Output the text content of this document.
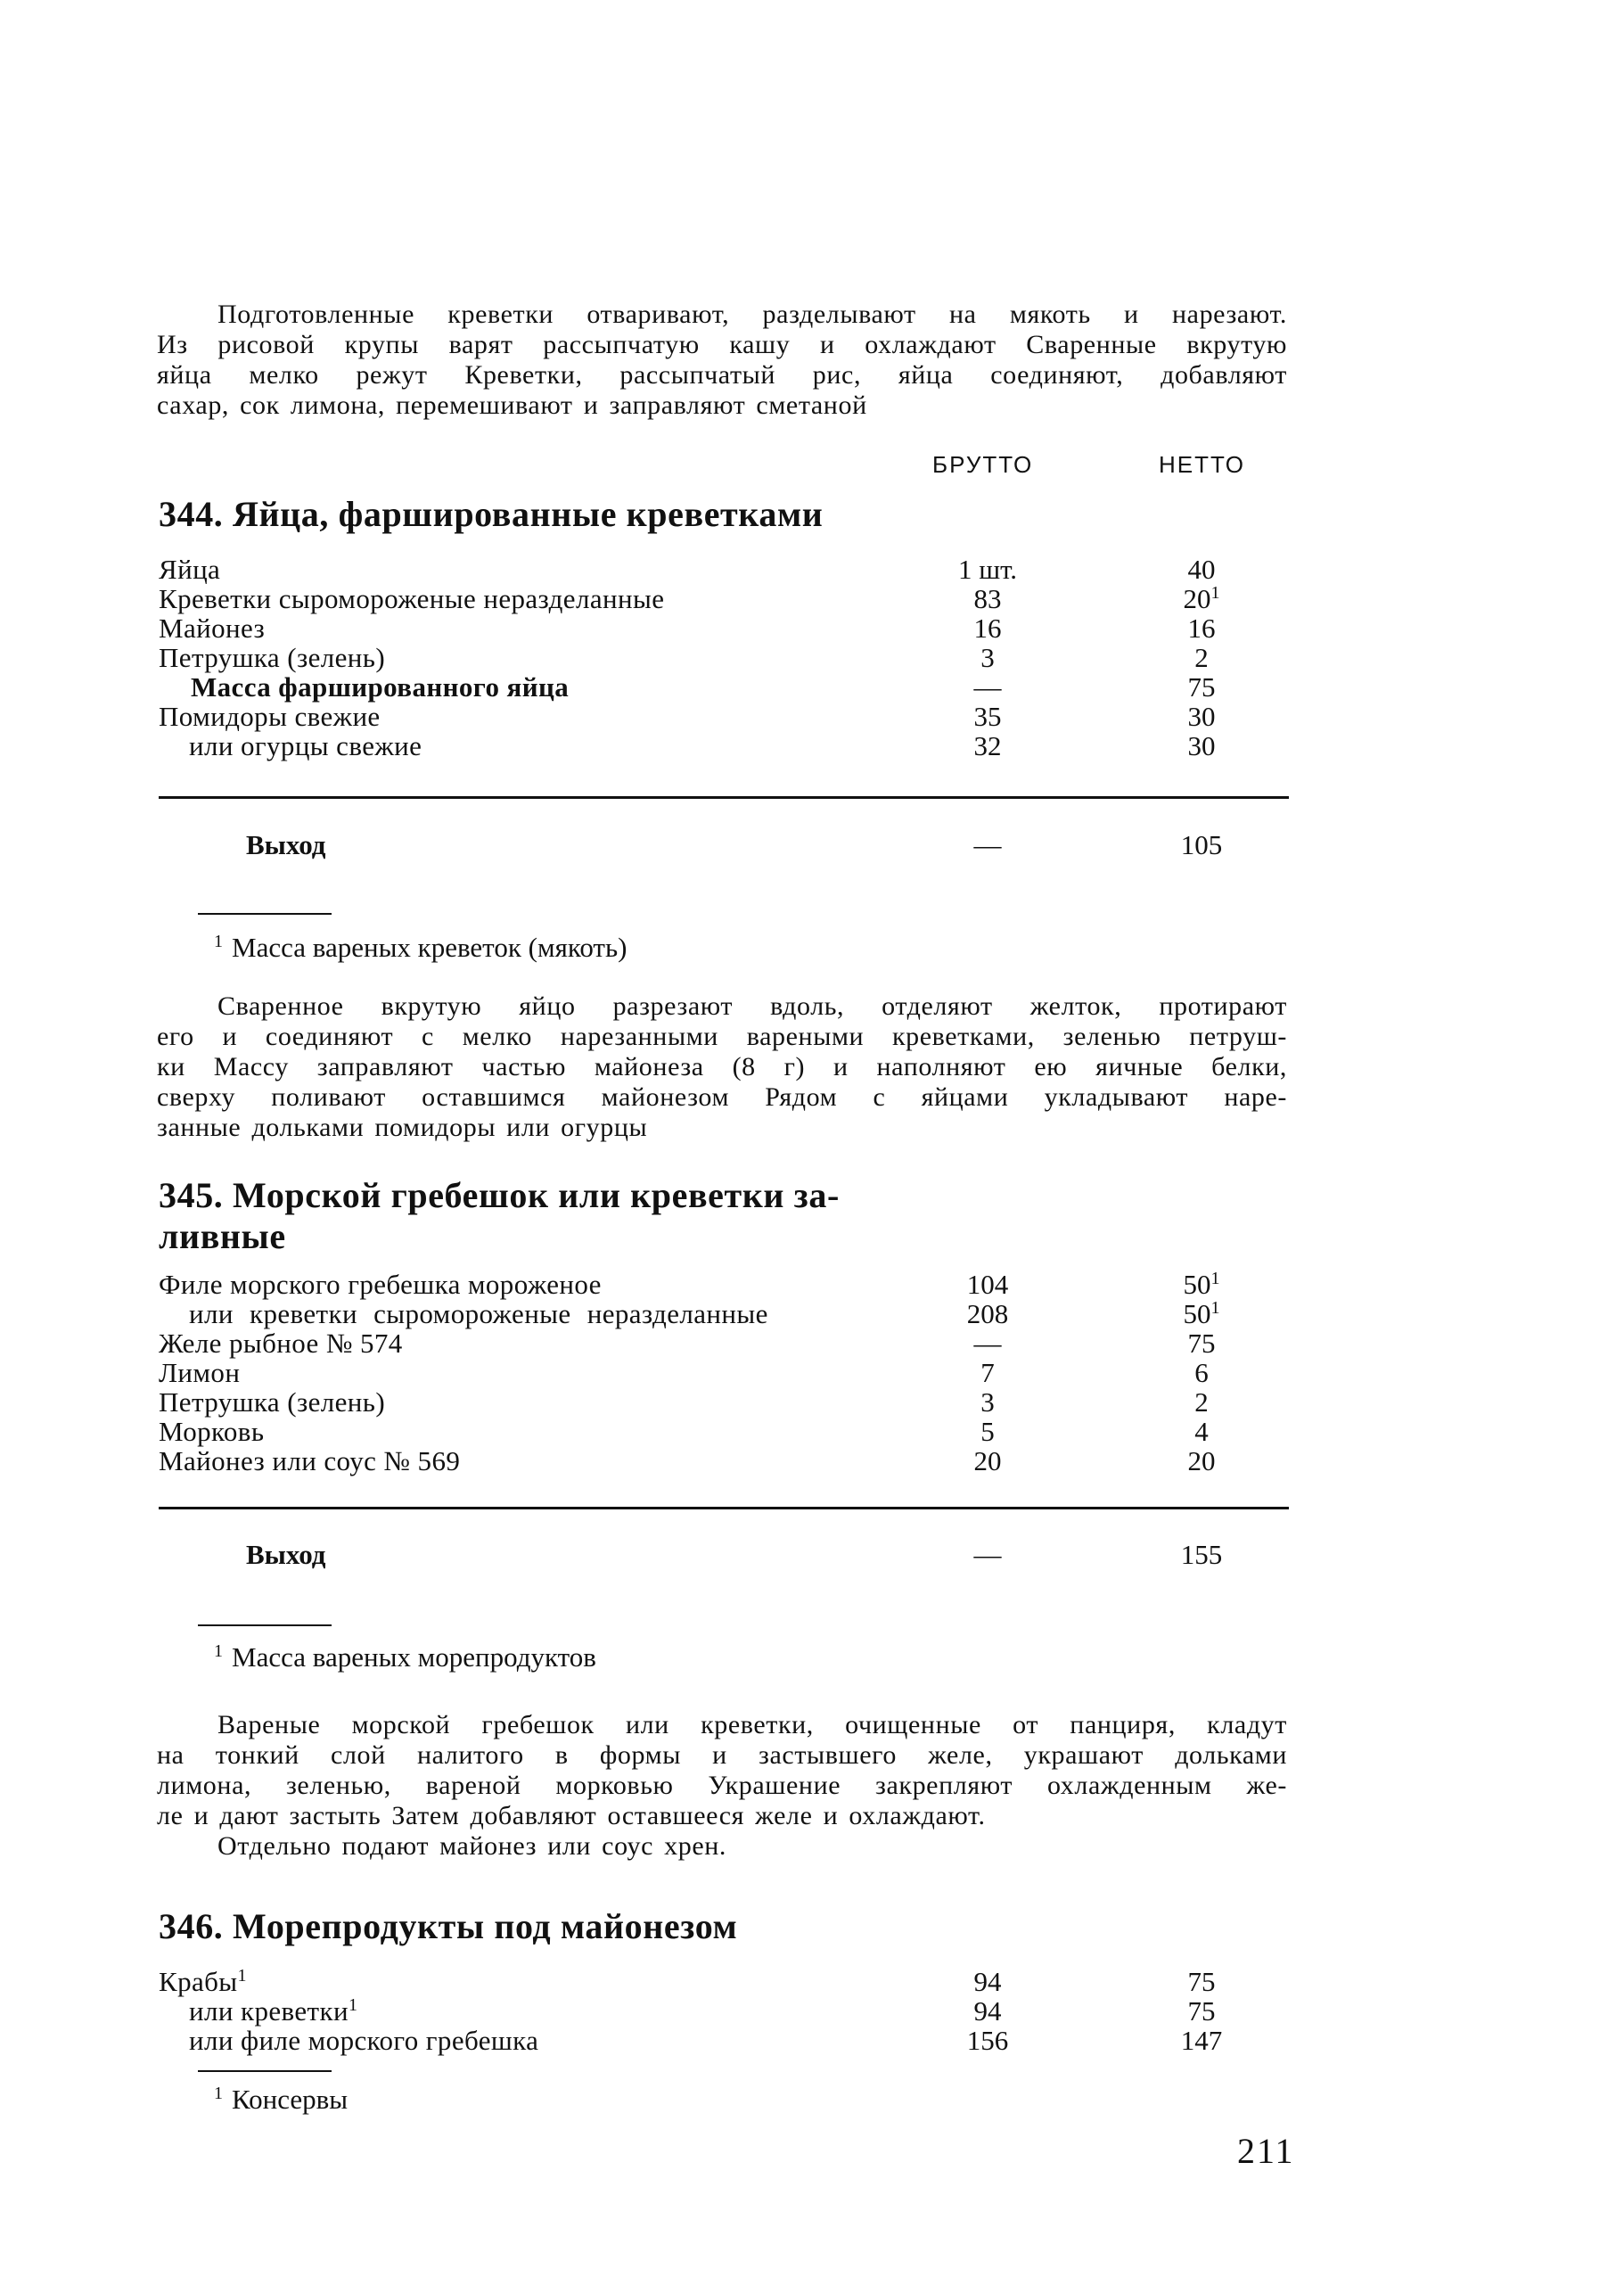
Подготовленные креветки отваривают, разделывают на мякоть и нарезают.
Из рисовой крупы варят рассыпчатую кашу и охлаждают Сваренные вкрутую
яйца мелко режут Креветки, рассыпчатый рис, яйца соединяют, добавляют
сахар, сок лимона, перемешивают и заправляют сметаной
БРУТТО	НЕТТО
344. Яйца, фаршированные креветками
Яйца	1 шт.	40
Креветки сыромороженые неразделанные	83	$20^1$
Майонез	16	16
Петрушка (зелень)	3	2
Масса фаршированного яйца	—	75
Помидоры свежие	35	30
или огурцы свежие	32	30
Выход	—	105
$^1$ Масса вареных креветок (мякоть)
Сваренное вкрутую яйцо разрезают вдоль, отделяют желток, протирают
его и соединяют с мелко нарезанными вареными креветками, зеленью петруш-
ки Массу заправляют частью майонеза (8 г) и наполняют ею яичные белки,
сверху поливают оставшимся майонезом Рядом с яйцами укладывают наре-
занные дольками помидоры или огурцы
345. Морской гребешок или креветки за-
ливные
Филе морского гребешка мороженое	104	$50^1$
или креветки сыромороженые неразделанные	208	$50^1$
Желе рыбное № 574	—	75
Лимон	7	6
Петрушка (зелень)	3	2
Морковь	5	4
Майонез или соус № 569	20	20
Выход	—	155
$^1$ Масса вареных морепродуктов
Вареные морской гребешок или креветки, очищенные от панциря, кладут
на тонкий слой налитого в формы и застывшего желе, украшают дольками
лимона, зеленью, вареной морковью Украшение закрепляют охлажденным же-
ле и дают застыть Затем добавляют оставшееся желе и охлаждают.
Отдельно подают майонез или соус хрен.
346. Морепродукты под майонезом
Крабы$^1$	94	75
или креветки$^1$	94	75
или филе морского гребешка	156	147
$^1$ Консервы
211
